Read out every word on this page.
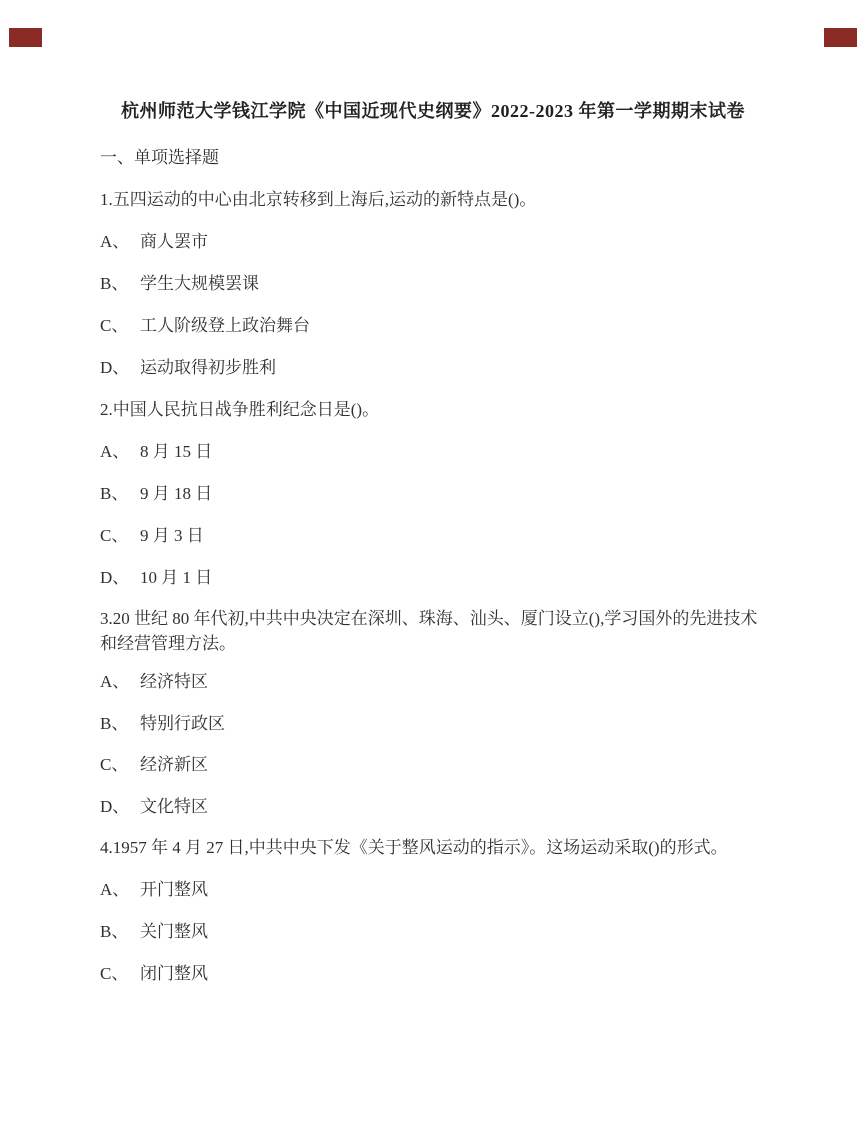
杭州师范大学钱江学院《中国近现代史纲要》2022-2023 年第一学期期末试卷
一、单项选择题
1.五四运动的中心由北京转移到上海后,运动的新特点是()。
A、 商人罢市
B、 学生大规模罢课
C、 工人阶级登上政治舞台
D、 运动取得初步胜利
2.中国人民抗日战争胜利纪念日是()。
A、 8 月 15 日
B、 9 月 18 日
C、 9 月 3 日
D、 10 月 1 日
3.20 世纪 80 年代初,中共中央决定在深圳、珠海、汕头、厦门设立(),学习国外的先进技术
和经营管理方法。
A、 经济特区
B、 特别行政区
C、 经济新区
D、 文化特区
4.1957 年 4 月 27 日,中共中央下发《关于整风运动的指示》。这场运动采取()的形式。
A、 开门整风
B、 关门整风
C、 闭门整风
